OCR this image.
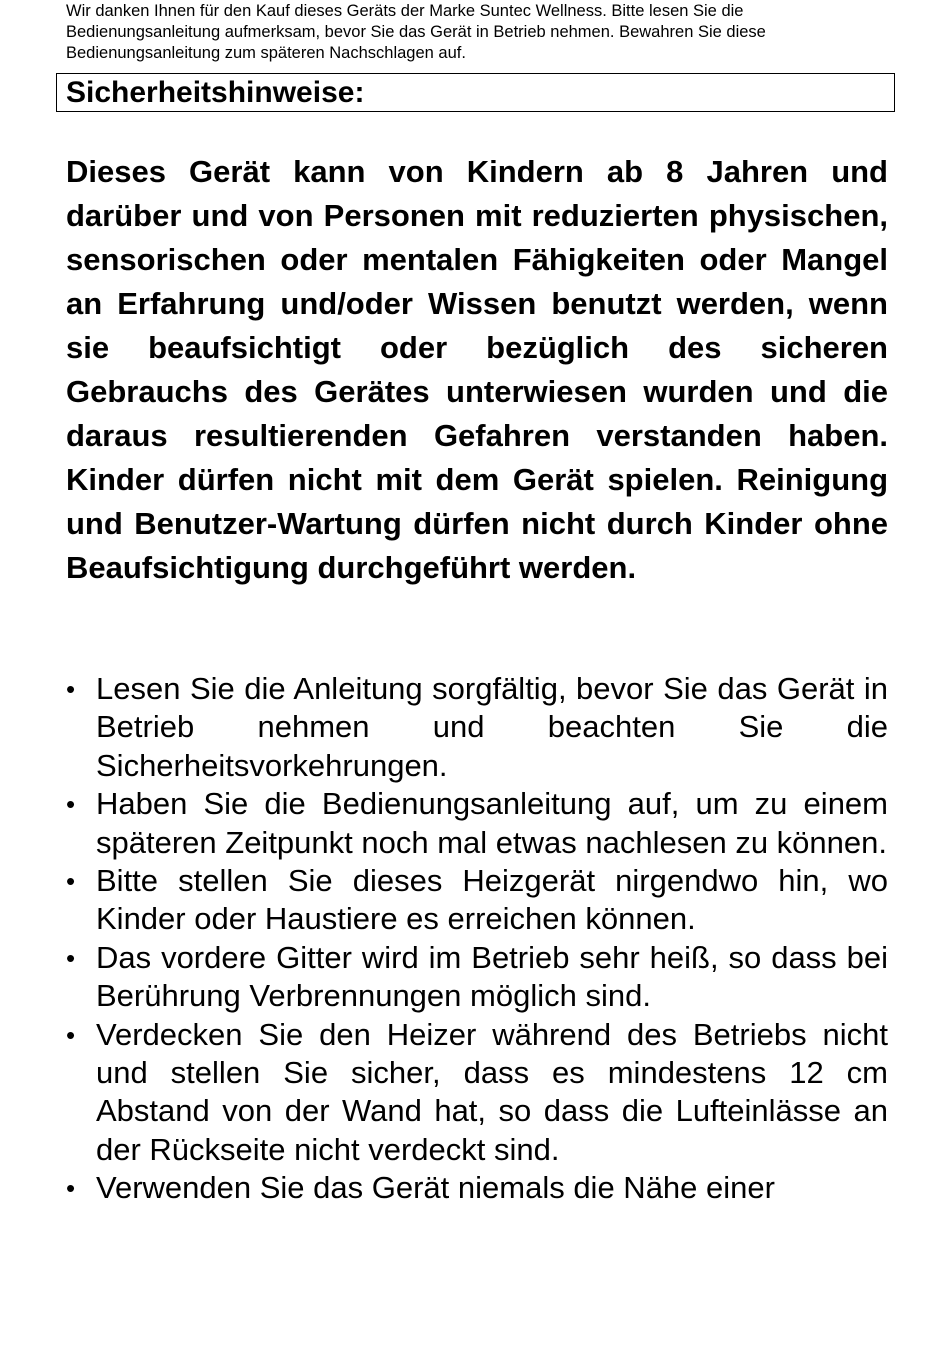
Wir danken Ihnen für den Kauf dieses Geräts der Marke Suntec Wellness. Bitte lesen Sie die Bedienungsanleitung aufmerksam, bevor Sie das Gerät in Betrieb nehmen. Bewahren Sie diese Bedienungsanleitung zum späteren Nachschlagen auf.
Sicherheitshinweise:

Dieses Gerät kann von Kindern ab 8 Jahren und darüber und von Personen mit reduzierten physischen, sensorischen oder mentalen Fähigkeiten oder Mangel an Erfahrung und/oder Wissen benutzt werden, wenn sie beaufsichtigt oder bezüglich des sicheren Gebrauchs des Gerätes unterwiesen wurden und die daraus resultierenden Gefahren verstanden haben. Kinder dürfen nicht mit dem Gerät spielen. Reinigung und Benutzer-Wartung dürfen nicht durch Kinder ohne Beaufsichtigung durchgeführt werden.

• Lesen Sie die Anleitung sorgfältig, bevor Sie das Gerät in Betrieb nehmen und beachten Sie die Sicherheitsvorkehrungen.
• Haben Sie die Bedienungsanleitung auf, um zu einem späteren Zeitpunkt noch mal etwas nachlesen zu können.
• Bitte stellen Sie dieses Heizgerät nirgendwo hin, wo Kinder oder Haustiere es erreichen können.
• Das vordere Gitter wird im Betrieb sehr heiß, so dass bei Berührung Verbrennungen möglich sind.
• Verdecken Sie den Heizer während des Betriebs nicht und stellen Sie sicher, dass es mindestens 12 cm Abstand von der Wand hat, so dass die Lufteinlässe an der Rückseite nicht verdeckt sind.
• Verwenden Sie das Gerät niemals die Nähe einer
